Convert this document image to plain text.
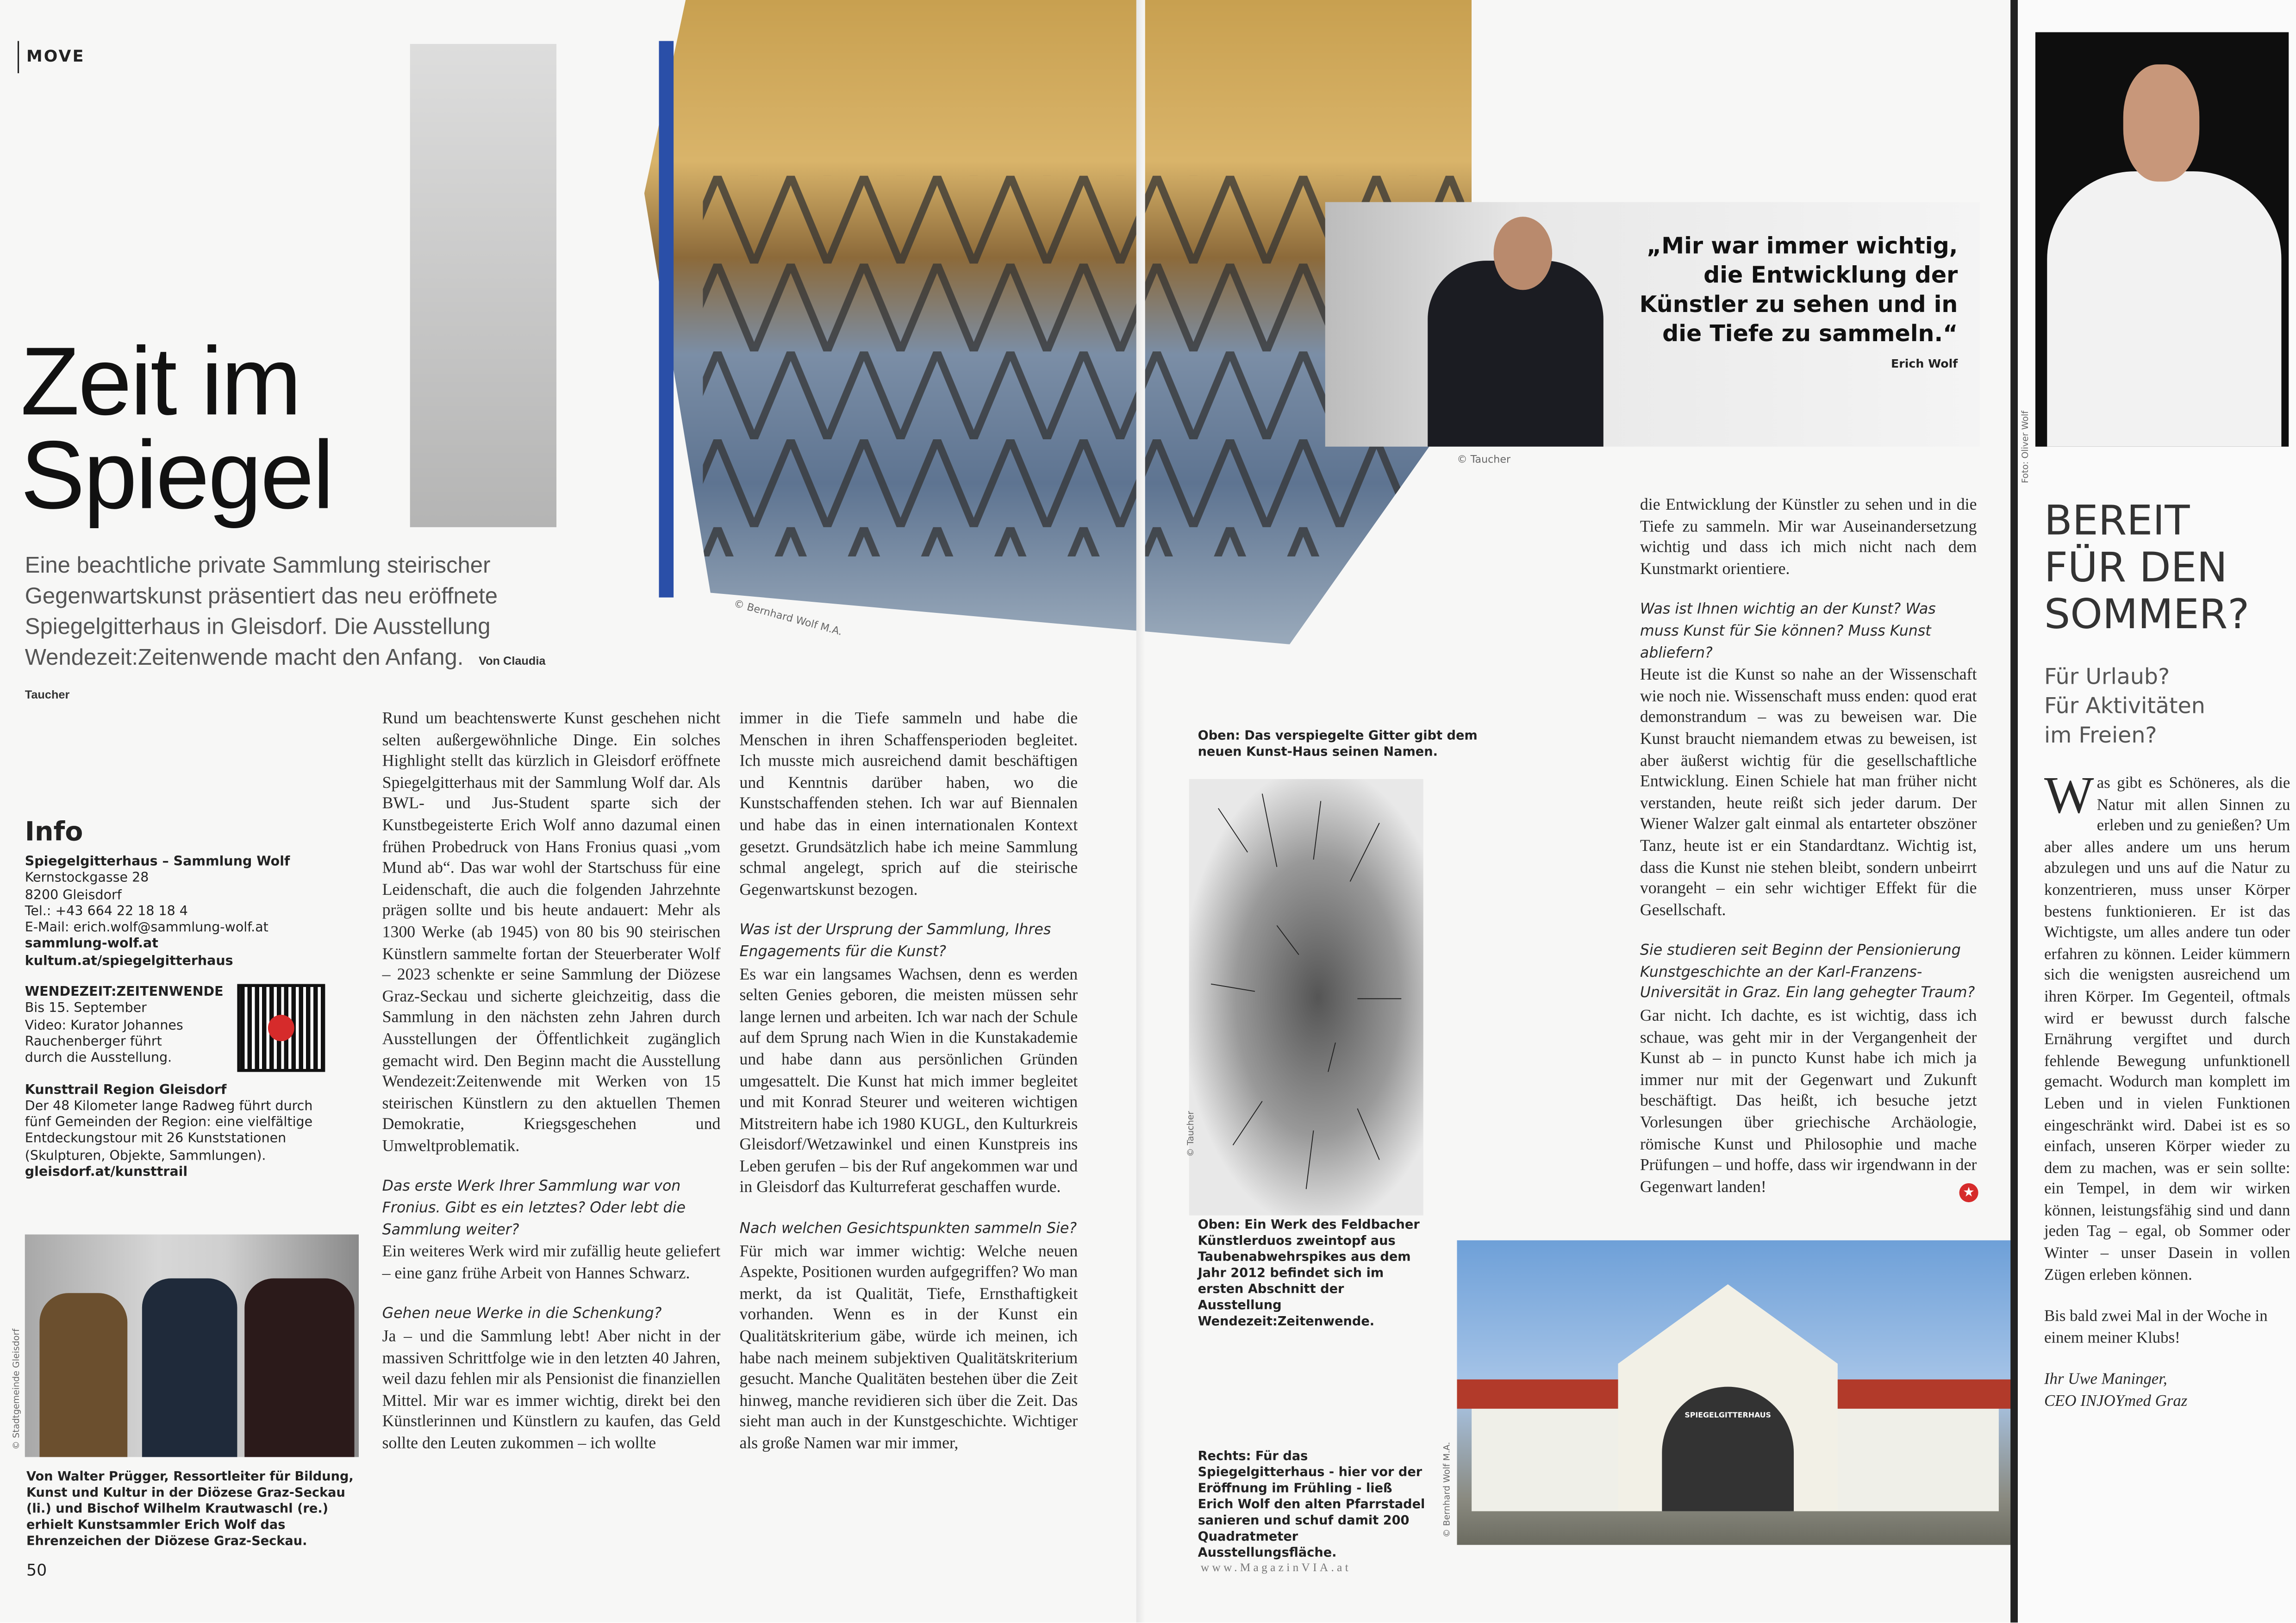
MOVE
© Bernhard Wolf M.A.
Zeit im
Spiegel
Eine beachtliche private Sammlung steirischer Gegenwartskunst präsentiert das neu eröffnete Spiegelgitterhaus in Gleisdorf. Die Ausstellung Wendezeit:Zeitenwende macht den Anfang.	Von Claudia Taucher
Info
Spiegelgitterhaus – Sammlung Wolf
Kernstockgasse 28
8200 Gleisdorf
Tel.: +43 664 22 18 18 4
E-Mail: erich.wolf@sammlung-wolf.at
sammlung-wolf.at
kultum.at/spiegelgitterhaus
WENDEZEIT:ZEITENWENDE
Bis 15. September
Video: Kurator Johannes
Rauchenberger führt
durch die Ausstellung.
Kunsttrail Region Gleisdorf
Der 48 Kilometer lange Radweg führt durch fünf Gemeinden der Region: eine vielfältige Entdeckungstour mit 26 Kunststationen (Skulpturen, Objekte, Sammlungen).
gleisdorf.at/kunsttrail
© Stadtgemeinde Gleisdorf
Von Walter Prügger, Ressortleiter für Bildung, Kunst und Kultur in der Diözese Graz-Seckau (li.) und Bischof Wilhelm Krautwaschl (re.) erhielt Kunstsammler Erich Wolf das Ehrenzeichen der Diözese Graz-Seckau.
50

Rund um beachtenswerte Kunst geschehen nicht selten außergewöhnliche Dinge. Ein solches Highlight stellt das kürzlich in Gleisdorf eröffnete Spiegelgitterhaus mit der Sammlung Wolf dar. Als BWL- und Jus-Student sparte sich der Kunstbegeisterte Erich Wolf anno dazumal einen frühen Probedruck von Hans Fronius quasi „vom Mund ab“. Das war wohl der Startschuss für eine Leidenschaft, die auch die folgenden Jahrzehnte prägen sollte und bis heute andauert: Mehr als 1300 Werke (ab 1945) von 80 bis 90 steirischen Künstlern sammelte fortan der Steuerberater Wolf – 2023 schenkte er seine Sammlung der Diözese Graz-Seckau und sicherte gleichzeitig, dass die Sammlung in den nächsten zehn Jahren durch Ausstellungen der Öffentlichkeit zugänglich gemacht wird. Den Beginn macht die Ausstellung Wendezeit:Zeitenwende mit Werken von 15 steirischen Künstlern zu den aktuellen Themen Demokratie, Kriegsgeschehen und Umweltproblematik.

Das erste Werk Ihrer Sammlung war von Fronius. Gibt es ein letztes? Oder lebt die Sammlung weiter?

Ein weiteres Werk wird mir zufällig heute geliefert – eine ganz frühe Arbeit von Hannes Schwarz.

Gehen neue Werke in die Schenkung?

Ja – und die Sammlung lebt! Aber nicht in der massiven Schrittfolge wie in den letzten 40 Jahren, weil dazu fehlen mir als Pensionist die finanziellen Mittel. Mir war es immer wichtig, direkt bei den Künstlerinnen und Künstlern zu kaufen, das Geld sollte den Leuten zukommen – ich wollte

immer in die Tiefe sammeln und habe die Menschen in ihren Schaffensperioden begleitet. Ich musste mich ausreichend damit beschäftigen und Kenntnis darüber haben, wo die Kunstschaffenden stehen. Ich war auf Biennalen und habe das in einen internationalen Kontext gesetzt. Grundsätzlich habe ich meine Sammlung schmal angelegt, sprich auf die steirische Gegenwartskunst bezogen.

Was ist der Ursprung der Sammlung, Ihres Engagements für die Kunst?

Es war ein langsames Wachsen, denn es werden selten Genies geboren, die meisten müssen sehr lange lernen und arbeiten. Ich war nach der Schule auf dem Sprung nach Wien in die Kunstakademie und habe dann aus persönlichen Gründen umgesattelt. Die Kunst hat mich immer begleitet und mit Konrad Steurer und weiteren wichtigen Mitstreitern habe ich 1980 KUGL, den Kulturkreis Gleisdorf/Wetzawinkel und einen Kunstpreis ins Leben gerufen – bis der Ruf angekommen war und in Gleisdorf das Kulturreferat geschaffen wurde.

Nach welchen Gesichtspunkten sammeln Sie?

Für mich war immer wichtig: Welche neuen Aspekte, Positionen wurden aufgegriffen? Wo man merkt, da ist Qualität, Tiefe, Ernsthaftigkeit vorhanden. Wenn es in der Kunst ein Qualitätskriterium gäbe, würde ich meinen, ich habe nach meinem subjektiven Qualitätskriterium gesucht. Manche Qualitäten bestehen über die Zeit hinweg, manche revidieren sich über die Zeit. Das sieht man auch in der Kunstgeschichte. Wichtiger als große Namen war mir immer,

„Mir war immer wichtig, die Entwicklung der Künstler zu sehen und in die Tiefe zu sammeln.“
Erich Wolf
© Taucher
Oben: Das verspiegelte Gitter gibt dem neuen Kunst-Haus seinen Namen.
© Taucher
Oben: Ein Werk des Feldbacher Künstlerduos zweintopf aus Taubenabwehrspikes aus dem Jahr 2012 befindet sich im ersten Abschnitt der Ausstellung Wendezeit:Zeitenwende.
SPIEGELGITTERHAUS
© Bernhard Wolf M.A.
Rechts: Für das Spiegelgitterhaus - hier vor der Eröffnung im Frühling - ließ Erich Wolf den alten Pfarrstadel sanieren und schuf damit 200 Quadratmeter Ausstellungsfläche.
www.MagazinVIA.at

die Entwicklung der Künstler zu sehen und in die Tiefe zu sammeln. Mir war Auseinandersetzung wichtig und dass ich mich nicht nach dem Kunstmarkt orientiere.

Was ist Ihnen wichtig an der Kunst? Was muss Kunst für Sie können? Muss Kunst abliefern?

Heute ist die Kunst so nahe an der Wissenschaft wie noch nie. Wissenschaft muss enden: quod erat demonstrandum – was zu beweisen war. Die Kunst braucht niemandem etwas zu beweisen, ist aber äußerst wichtig für die gesellschaftliche Entwicklung. Einen Schiele hat man früher nicht verstanden, heute reißt sich jeder darum. Der Wiener Walzer galt einmal als entarteter obszöner Tanz, heute ist er ein Standardtanz. Wichtig ist, dass die Kunst nie stehen bleibt, sondern unbeirrt vorangeht – ein sehr wichtiger Effekt für die Gesellschaft.

Sie studieren seit Beginn der Pensionierung Kunstgeschichte an der Karl-Franzens-Universität in Graz. Ein lang gehegter Traum?

Gar nicht. Ich dachte, es ist wichtig, dass ich schaue, was geht mir in der Vergangenheit der Kunst ab – in puncto Kunst habe ich mich ja immer nur mit der Gegenwart und Zukunft beschäftigt. Das heißt, ich besuche jetzt Vorlesungen über griechische Archäologie, römische Kunst und Philosophie und mache Prüfungen – und hoffe, dass wir irgendwann in der Gegenwart landen!	★
Foto: Oliver Wolf
BEREIT
FÜR DEN
SOMMER?
Für Urlaub?
Für Aktivitäten
im Freien?
Was gibt es Schöneres, als die Natur mit allen Sinnen zu erleben und zu genießen? Um aber alles andere um uns herum abzulegen und uns auf die Natur zu konzentrieren, muss unser Körper bestens funktionieren. Er ist das Wichtigste, um alles andere tun oder erfahren zu können. Leider kümmern sich die wenigsten ausreichend um ihren Körper. Im Gegenteil, oftmals wird er bewusst durch falsche Ernährung vergiftet und durch fehlende Bewegung unfunktionell gemacht. Wodurch man komplett im Leben und in vielen Funktionen eingeschränkt wird. Dabei ist es so einfach, unseren Körper wieder zu dem zu machen, was er sein sollte: ein Tempel, in dem wir wirken können, leistungsfähig sind und dann jeden Tag – egal, ob Sommer oder Winter – unser Dasein in vollen Zügen erleben können.

Bis bald zwei Mal in der Woche in einem meiner Klubs!

Ihr Uwe Maninger,

CEO INJOYmed Graz
